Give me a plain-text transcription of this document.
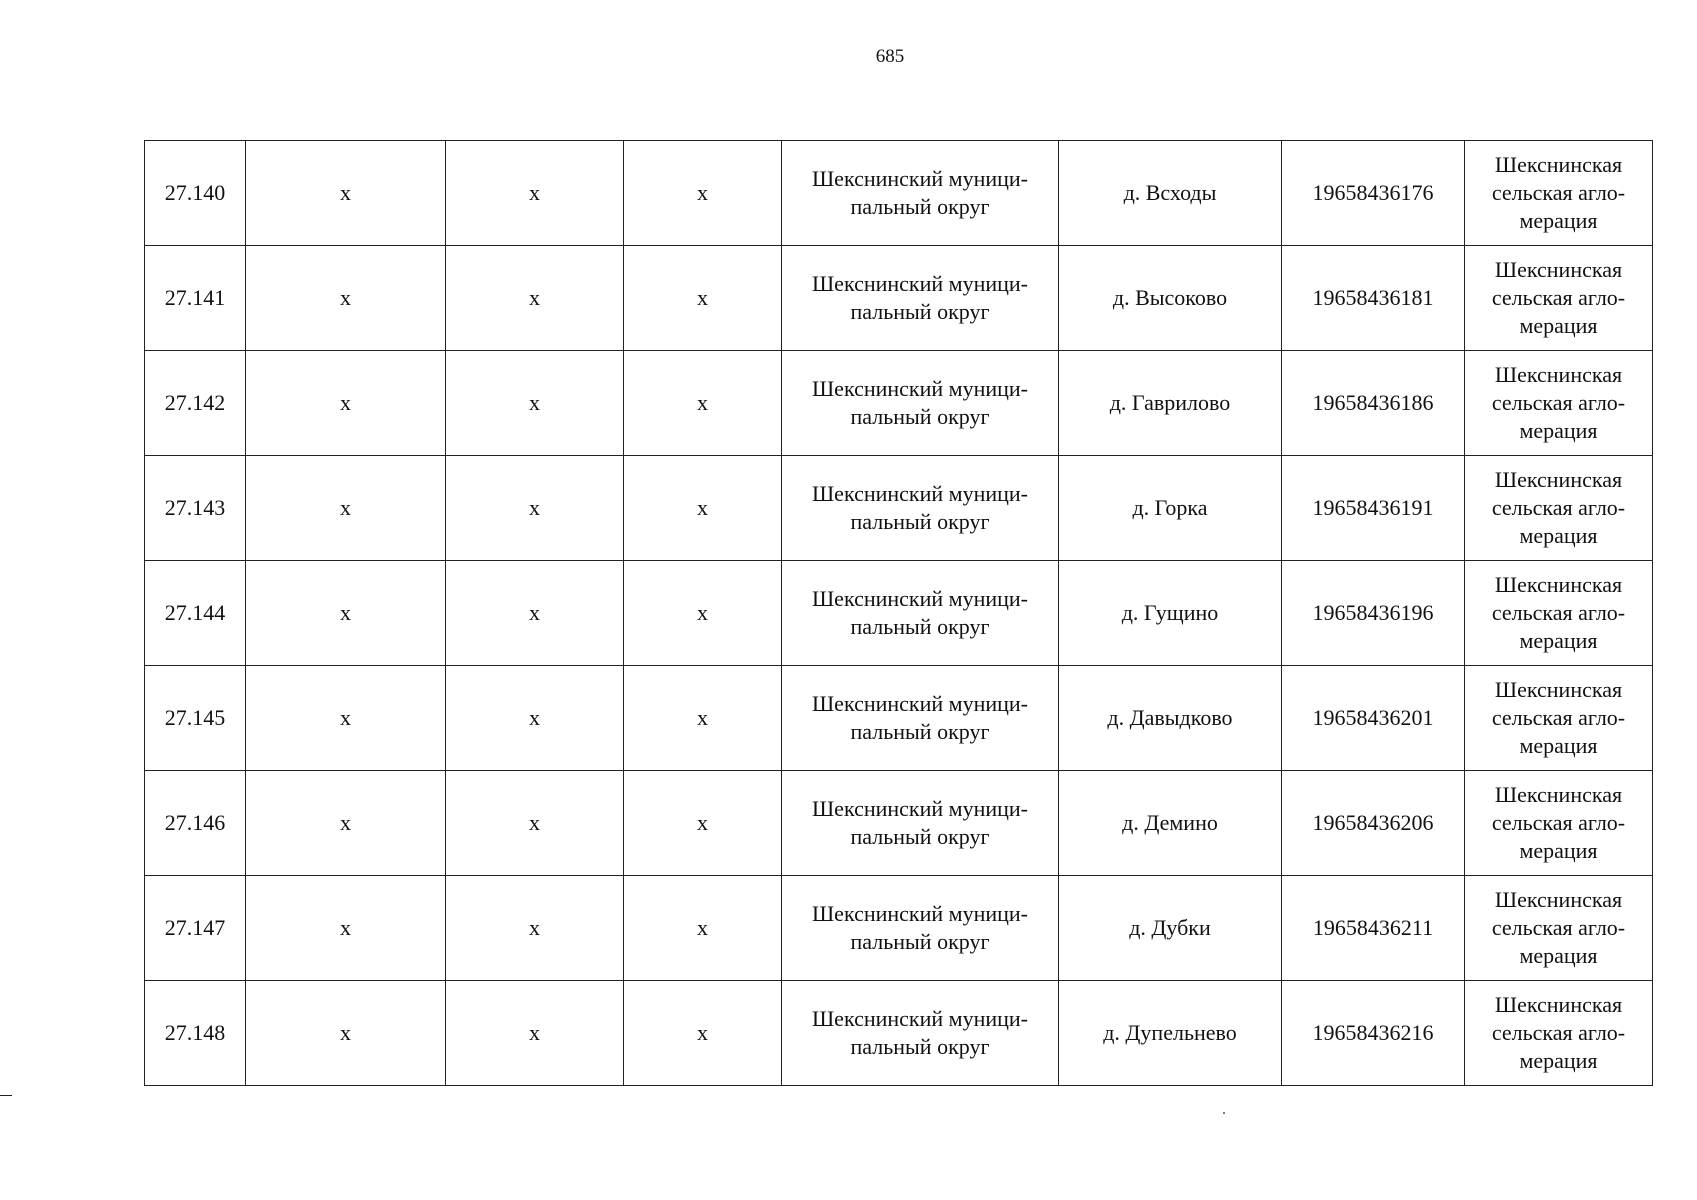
685
27.140	х	х	х	Шекснинский муници-
пальный округ	д. Всходы	19658436176	Шекснинская
сельская агло-
мерация
27.141	х	х	х	Шекснинский муници-
пальный округ	д. Высоково	19658436181	Шекснинская
сельская агло-
мерация
27.142	х	х	х	Шекснинский муници-
пальный округ	д. Гаврилово	19658436186	Шекснинская
сельская агло-
мерация
27.143	х	х	х	Шекснинский муници-
пальный округ	д. Горка	19658436191	Шекснинская
сельская агло-
мерация
27.144	х	х	х	Шекснинский муници-
пальный округ	д. Гущино	19658436196	Шекснинская
сельская агло-
мерация
27.145	х	х	х	Шекснинский муници-
пальный округ	д. Давыдково	19658436201	Шекснинская
сельская агло-
мерация
27.146	х	х	х	Шекснинский муници-
пальный округ	д. Демино	19658436206	Шекснинская
сельская агло-
мерация
27.147	х	х	х	Шекснинский муници-
пальный округ	д. Дубки	19658436211	Шекснинская
сельская агло-
мерация
27.148	х	х	х	Шекснинский муници-
пальный округ	д. Дупельнево	19658436216	Шекснинская
сельская агло-
мерация
